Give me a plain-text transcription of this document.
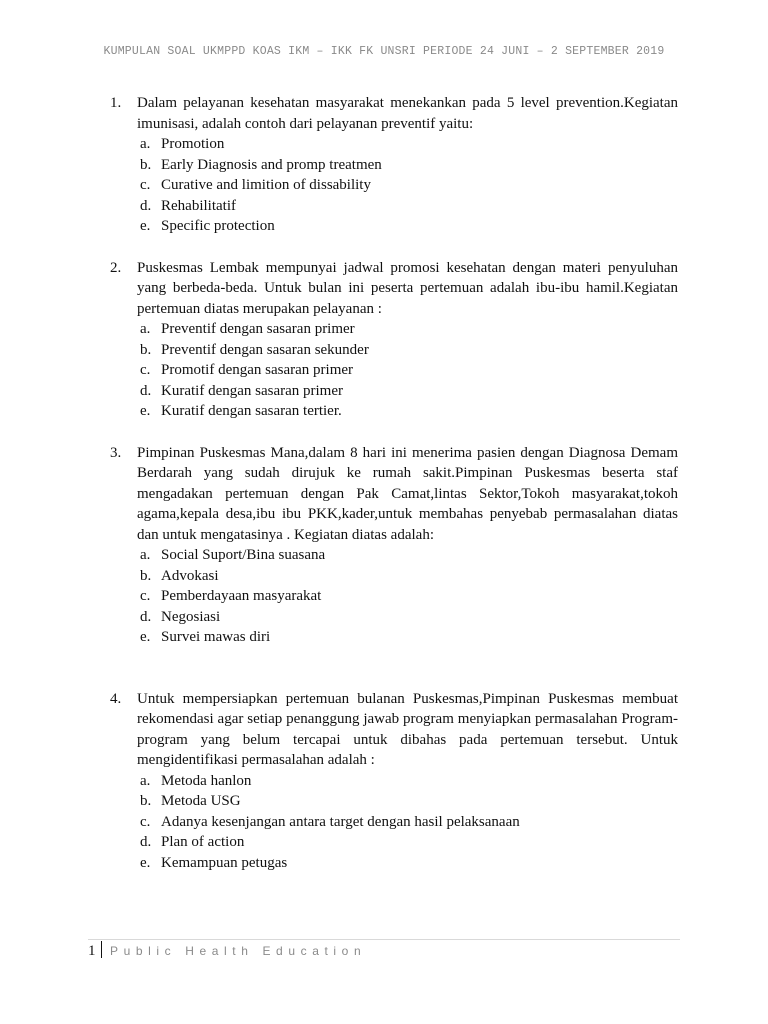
KUMPULAN SOAL UKMPPD KOAS IKM – IKK FK UNSRI PERIODE 24 JUNI – 2 SEPTEMBER 2019
1. Dalam pelayanan kesehatan masyarakat menekankan pada 5 level prevention.Kegiatan imunisasi, adalah contoh dari pelayanan preventif yaitu:
a. Promotion
b. Early Diagnosis and promp treatmen
c. Curative and limition of dissability
d. Rehabilitatif
e. Specific protection
2. Puskesmas Lembak mempunyai jadwal promosi kesehatan dengan materi penyuluhan yang berbeda-beda. Untuk bulan ini peserta pertemuan adalah ibu-ibu hamil.Kegiatan pertemuan diatas merupakan pelayanan :
a. Preventif dengan sasaran primer
b. Preventif dengan sasaran sekunder
c. Promotif dengan sasaran primer
d. Kuratif dengan sasaran primer
e. Kuratif dengan sasaran tertier.
3. Pimpinan Puskesmas Mana,dalam 8 hari ini menerima pasien dengan Diagnosa Demam Berdarah yang sudah dirujuk ke rumah sakit.Pimpinan Puskesmas beserta staf mengadakan pertemuan dengan Pak Camat,lintas Sektor,Tokoh masyarakat,tokoh agama,kepala desa,ibu ibu PKK,kader,untuk membahas penyebab permasalahan diatas dan untuk mengatasinya . Kegiatan diatas adalah:
a. Social Suport/Bina suasana
b. Advokasi
c. Pemberdayaan masyarakat
d. Negosiasi
e. Survei mawas diri
4. Untuk mempersiapkan pertemuan bulanan Puskesmas,Pimpinan Puskesmas membuat rekomendasi agar setiap penanggung jawab program menyiapkan permasalahan Program-program yang belum tercapai untuk dibahas pada pertemuan tersebut. Untuk mengidentifikasi permasalahan adalah :
a. Metoda hanlon
b. Metoda USG
c. Adanya kesenjangan antara target dengan hasil pelaksanaan
d. Plan of action
e. Kemampuan petugas
1 Public Health Education
